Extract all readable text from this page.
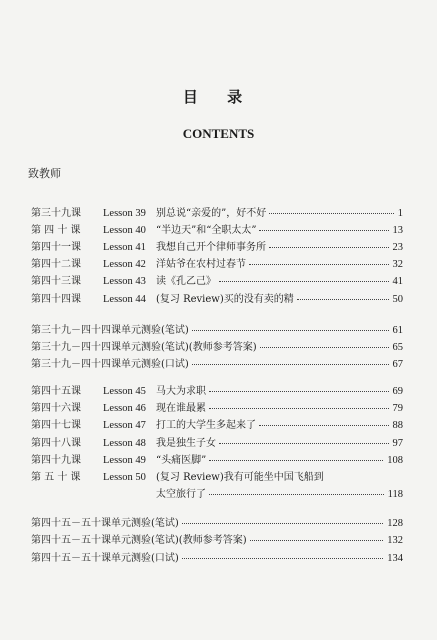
目 录
CONTENTS
致教师
第三十九课 Lesson 39 别总说“亲爱的”，好不好	1
第 四 十 课 Lesson 40 “半边天”和“全职太太”	13
第四十一课 Lesson 41 我想自己开个律师事务所	23
第四十二课 Lesson 42 洋姑爷在农村过春节	32
第四十三课 Lesson 43 读《孔乙己》	41
第四十四课 Lesson 44 (复习 Review)买的没有卖的精	50
第三十九－四十四课单元测验(笔试)	61
第三十九－四十四课单元测验(笔试)(教师参考答案)	65
第三十九－四十四课单元测验(口试)	67
第四十五课 Lesson 45 马大为求职	69
第四十六课 Lesson 46 现在谁最累	79
第四十七课 Lesson 47 打工的大学生多起来了	88
第四十八课 Lesson 48 我是独生子女	97
第四十九课 Lesson 49 “头痛医脚”	108
第 五 十 课 Lesson 50 (复习 Review)我有可能坐中国飞船到
太空旅行了	118
第四十五－五十课单元测验(笔试)	128
第四十五－五十课单元测验(笔试)(教师参考答案)	132
第四十五－五十课单元测验(口试)	134
